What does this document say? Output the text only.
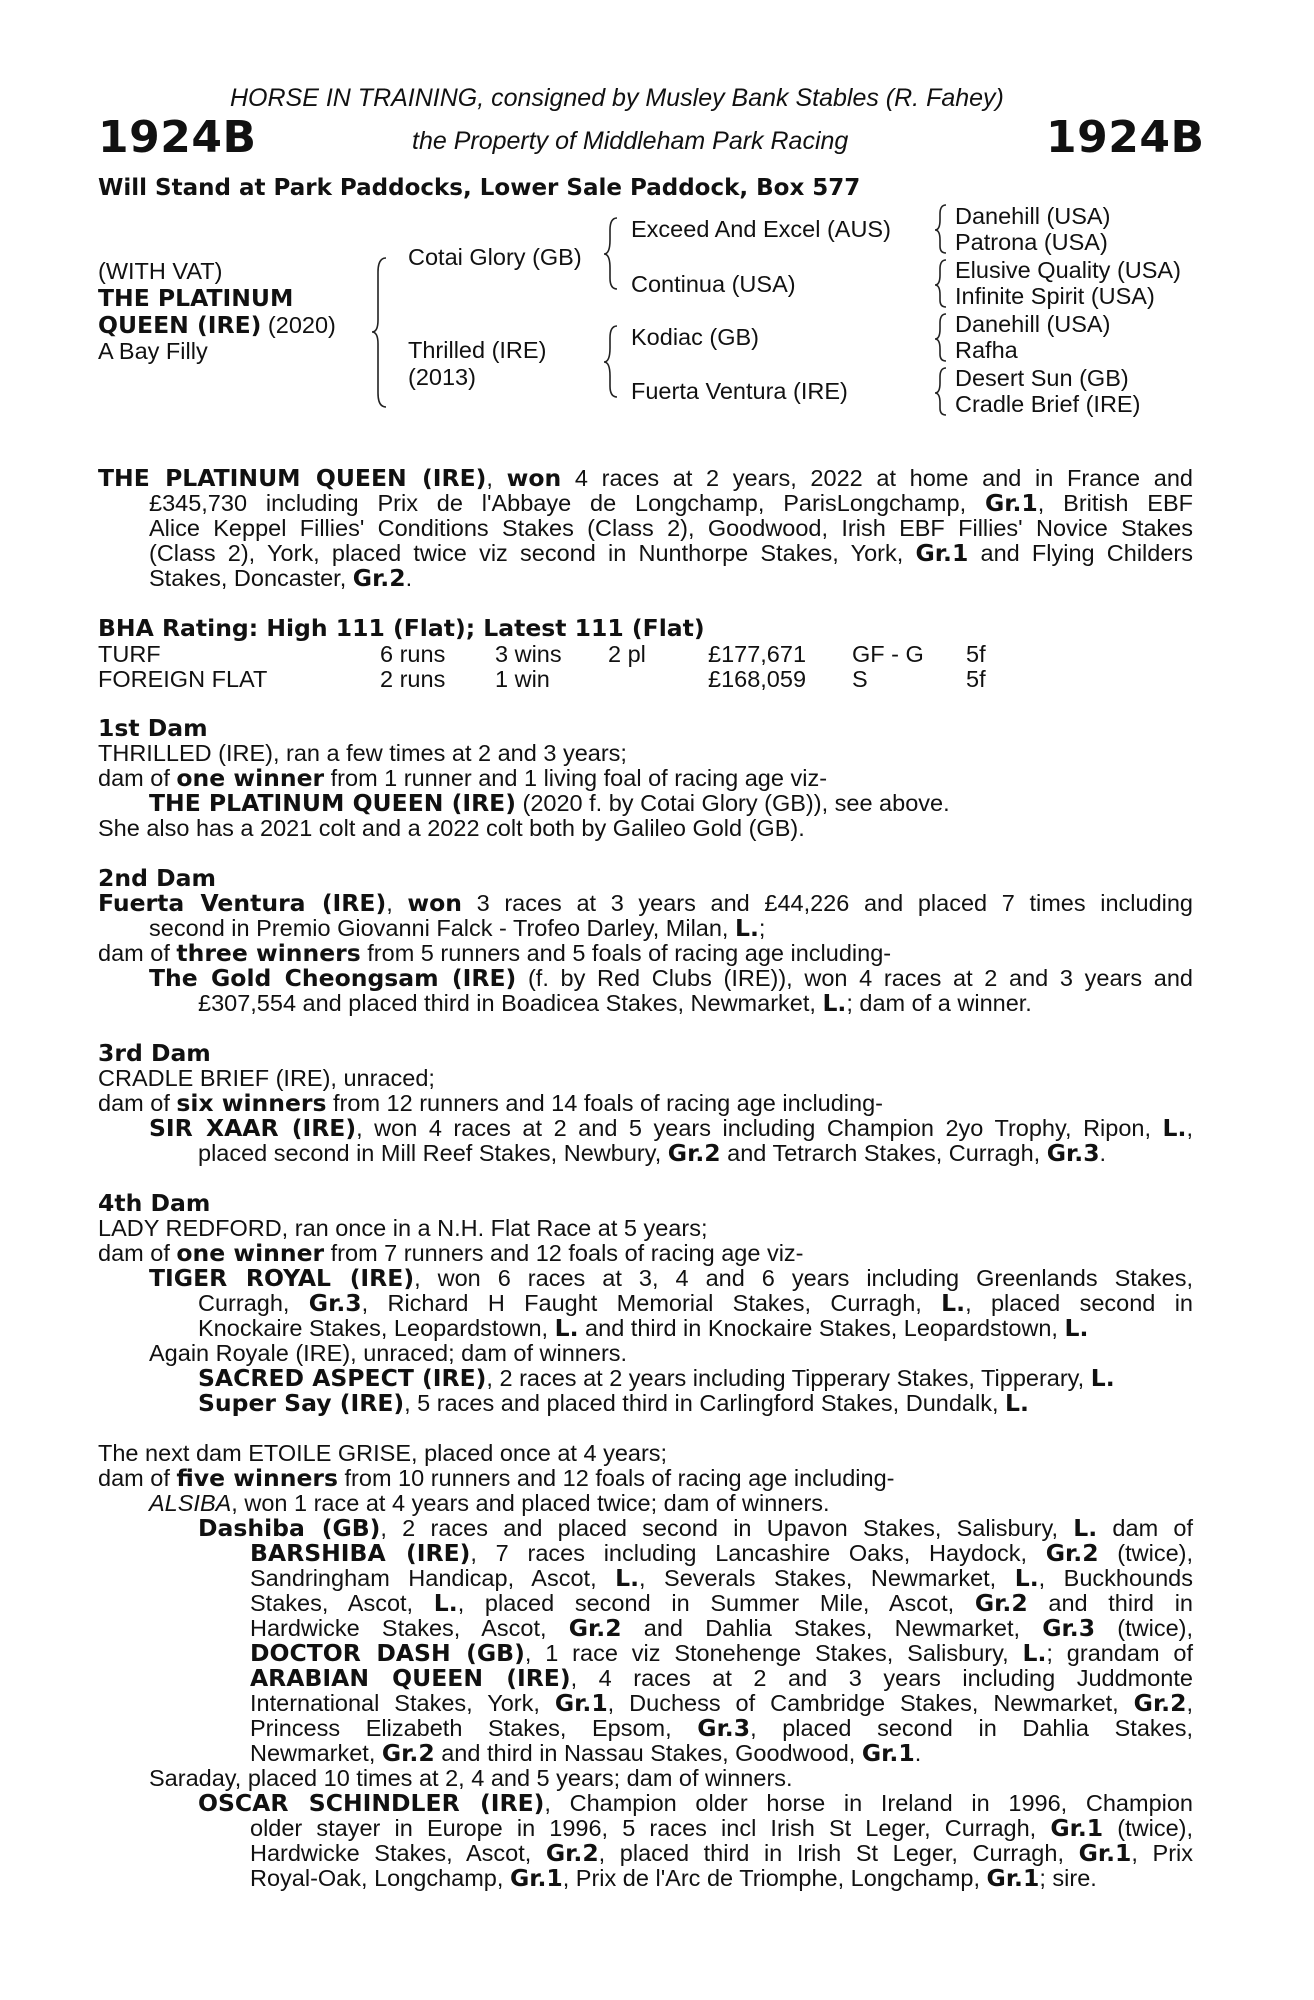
HORSE IN TRAINING, consigned by Musley Bank Stables (R. Fahey)
1924B	the Property of Middleham Park Racing	1924B
Will Stand at Park Paddocks, Lower Sale Paddock, Box 577
(WITH VAT)
THE PLATINUM
QUEEN (IRE) (2020)
A Bay Filly
Cotai Glory (GB)
Thrilled (IRE)
(2013)
Exceed And Excel (AUS)
Continua (USA)
Kodiac (GB)
Fuerta Ventura (IRE)
Danehill (USA)
Patrona (USA)
Elusive Quality (USA)
Infinite Spirit (USA)
Danehill (USA)
Rafha
Desert Sun (GB)
Cradle Brief (IRE)
THE PLATINUM QUEEN (IRE), won 4 races at 2 years, 2022 at home and in France and
£345,730 including Prix de l'Abbaye de Longchamp, ParisLongchamp, Gr.1, British EBF
Alice Keppel Fillies' Conditions Stakes (Class 2), Goodwood, Irish EBF Fillies' Novice Stakes
(Class 2), York, placed twice viz second in Nunthorpe Stakes, York, Gr.1 and Flying Childers
Stakes, Doncaster, Gr.2.
BHA Rating: High 111 (Flat); Latest 111 (Flat)
TURF	6 runs 3 wins 2 pl	£177,671 GF - G 5f
FOREIGN FLAT	2 runs 1 win	£168,059 S	5f
1st Dam
THRILLED (IRE), ran a few times at 2 and 3 years;
dam of one winner from 1 runner and 1 living foal of racing age viz-
THE PLATINUM QUEEN (IRE) (2020 f. by Cotai Glory (GB)), see above.
She also has a 2021 colt and a 2022 colt both by Galileo Gold (GB).
2nd Dam
Fuerta Ventura (IRE), won 3 races at 3 years and £44,226 and placed 7 times including
second in Premio Giovanni Falck - Trofeo Darley, Milan, L.;
dam of three winners from 5 runners and 5 foals of racing age including-
The Gold Cheongsam (IRE) (f. by Red Clubs (IRE)), won 4 races at 2 and 3 years and
£307,554 and placed third in Boadicea Stakes, Newmarket, L.; dam of a winner.
3rd Dam
CRADLE BRIEF (IRE), unraced;
dam of six winners from 12 runners and 14 foals of racing age including-
SIR XAAR (IRE), won 4 races at 2 and 5 years including Champion 2yo Trophy, Ripon, L.,
placed second in Mill Reef Stakes, Newbury, Gr.2 and Tetrarch Stakes, Curragh, Gr.3.
4th Dam
LADY REDFORD, ran once in a N.H. Flat Race at 5 years;
dam of one winner from 7 runners and 12 foals of racing age viz-
TIGER ROYAL (IRE), won 6 races at 3, 4 and 6 years including Greenlands Stakes,
Curragh, Gr.3, Richard H Faught Memorial Stakes, Curragh, L., placed second in
Knockaire Stakes, Leopardstown, L. and third in Knockaire Stakes, Leopardstown, L.
Again Royale (IRE), unraced; dam of winners.
SACRED ASPECT (IRE), 2 races at 2 years including Tipperary Stakes, Tipperary, L.
Super Say (IRE), 5 races and placed third in Carlingford Stakes, Dundalk, L.
The next dam ETOILE GRISE, placed once at 4 years;
dam of five winners from 10 runners and 12 foals of racing age including-
ALSIBA, won 1 race at 4 years and placed twice; dam of winners.
Dashiba (GB), 2 races and placed second in Upavon Stakes, Salisbury, L. dam of
BARSHIBA (IRE), 7 races including Lancashire Oaks, Haydock, Gr.2 (twice),
Sandringham Handicap, Ascot, L., Severals Stakes, Newmarket, L., Buckhounds
Stakes, Ascot, L., placed second in Summer Mile, Ascot, Gr.2 and third in
Hardwicke Stakes, Ascot, Gr.2 and Dahlia Stakes, Newmarket, Gr.3 (twice),
DOCTOR DASH (GB), 1 race viz Stonehenge Stakes, Salisbury, L.; grandam of
ARABIAN QUEEN (IRE), 4 races at 2 and 3 years including Juddmonte
International Stakes, York, Gr.1, Duchess of Cambridge Stakes, Newmarket, Gr.2,
Princess Elizabeth Stakes, Epsom, Gr.3, placed second in Dahlia Stakes,
Newmarket, Gr.2 and third in Nassau Stakes, Goodwood, Gr.1.
Saraday, placed 10 times at 2, 4 and 5 years; dam of winners.
OSCAR SCHINDLER (IRE), Champion older horse in Ireland in 1996, Champion
older stayer in Europe in 1996, 5 races incl Irish St Leger, Curragh, Gr.1 (twice),
Hardwicke Stakes, Ascot, Gr.2, placed third in Irish St Leger, Curragh, Gr.1, Prix
Royal-Oak, Longchamp, Gr.1, Prix de l'Arc de Triomphe, Longchamp, Gr.1; sire.
